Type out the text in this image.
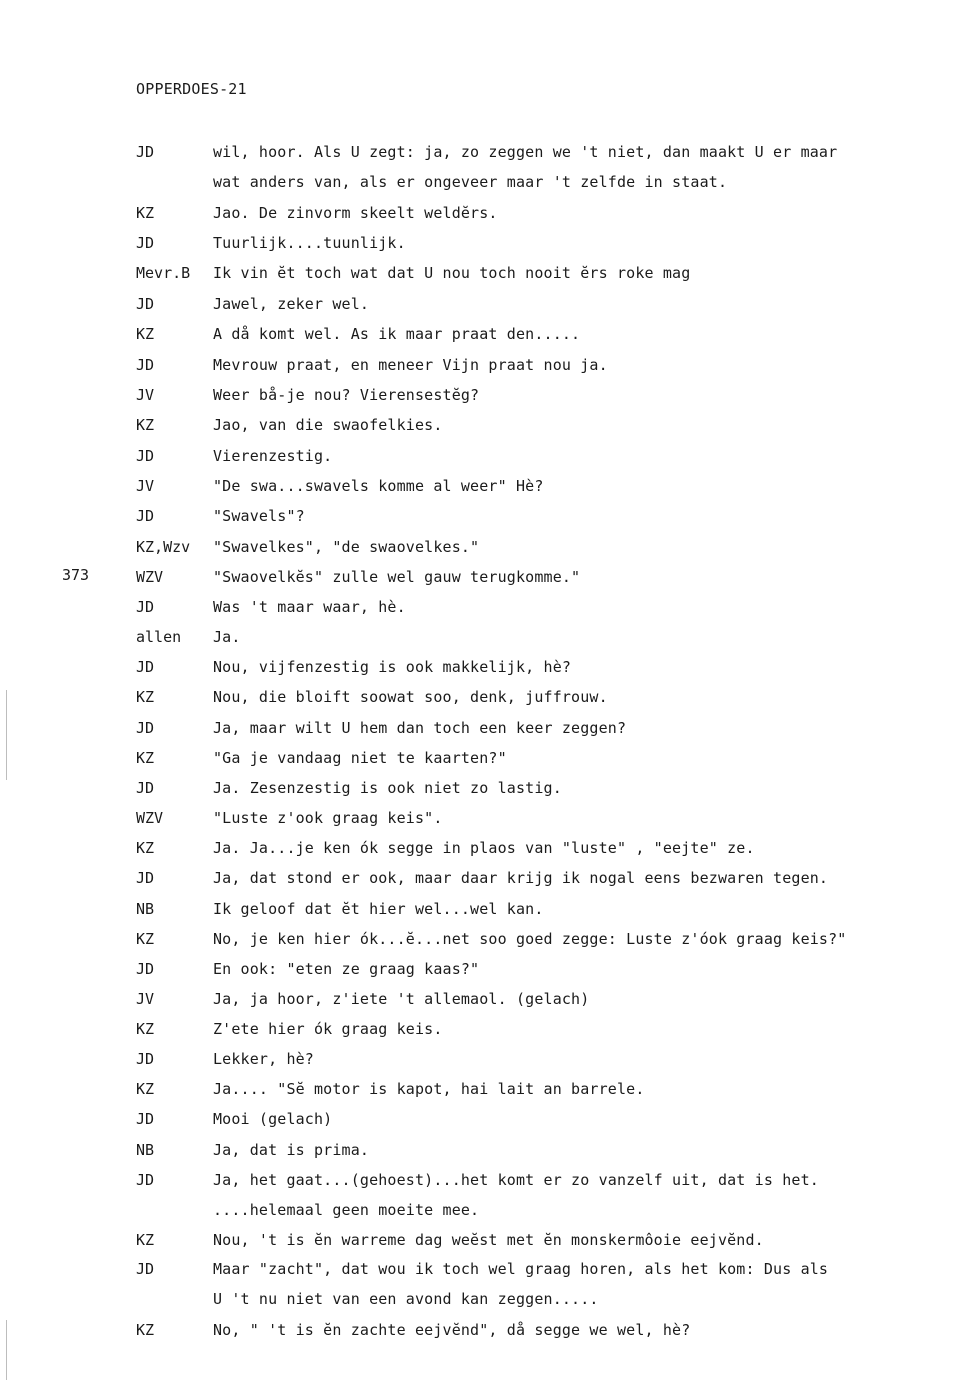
OPPERDOES-21
373
JD	wil, hoor. Als U zegt: ja, zo zeggen we 't niet, dan maakt U er maar
wat anders van, als er ongeveer maar 't zelfde in staat.
KZ	Jao. De zinvorm skeelt weldĕrs.
JD	Tuurlijk....tuunlijk.
Mevr.B Ik vin ĕt toch wat dat U nou toch nooit ĕrs roke mag
JD	Jawel, zeker wel.
KZ	A då komt wel. As ik maar praat den.....
JD	Mevrouw praat, en meneer Vijn praat nou ja.
JV	Weer bå-je nou? Vierensestĕg?
KZ	Jao, van die swaofelkies.
JD	Vierenzestig.
JV	"De swa...swavels komme al weer" Hè?
JD	"Swavels"?
KZ,Wzv "Swavelkes", "de swaovelkes."
WZV	"Swaovelkĕs" zulle wel gauw terugkomme."
JD	Was 't maar waar, hè.
allen Ja.
JD	Nou, vijfenzestig is ook makkelijk, hè?
KZ	Nou, die bloift soowat soo, denk, juffrouw.
JD	Ja, maar wilt U hem dan toch een keer zeggen?
KZ	"Ga je vandaag niet te kaarten?"
JD	Ja. Zesenzestig is ook niet zo lastig.
WZV	"Luste z'ook graag keis".
KZ	Ja. Ja...je ken ók segge in plaos van "luste" , "eejte" ze.
JD	Ja, dat stond er ook, maar daar krijg ik nogal eens bezwaren tegen.
NB	Ik geloof dat ĕt hier wel...wel kan.
KZ	No, je ken hier ók...ĕ...net soo goed zegge: Luste z'óok graag keis?"
JD	En ook: "eten ze graag kaas?"
JV	Ja, ja hoor, z'iete 't allemaol. (gelach)
KZ	Z'ete hier ók graag keis.
JD	Lekker, hè?
KZ	Ja.... "Sĕ motor is kapot, hai lait an barrele.
JD	Mooi (gelach)
NB	Ja, dat is prima.
JD	Ja, het gaat...(gehoest)...het komt er zo vanzelf uit, dat is het.
....helemaal geen moeite mee.
KZ	Nou, 't is ĕn warreme dag weĕst met ĕn monskermôoie eejvĕnd.
JD	Maar "zacht", dat wou ik toch wel graag horen, als het kom: Dus als
U 't nu niet van een avond kan zeggen.....
KZ	No, " 't is ĕn zachte eejvĕnd", då segge we wel, hè?
